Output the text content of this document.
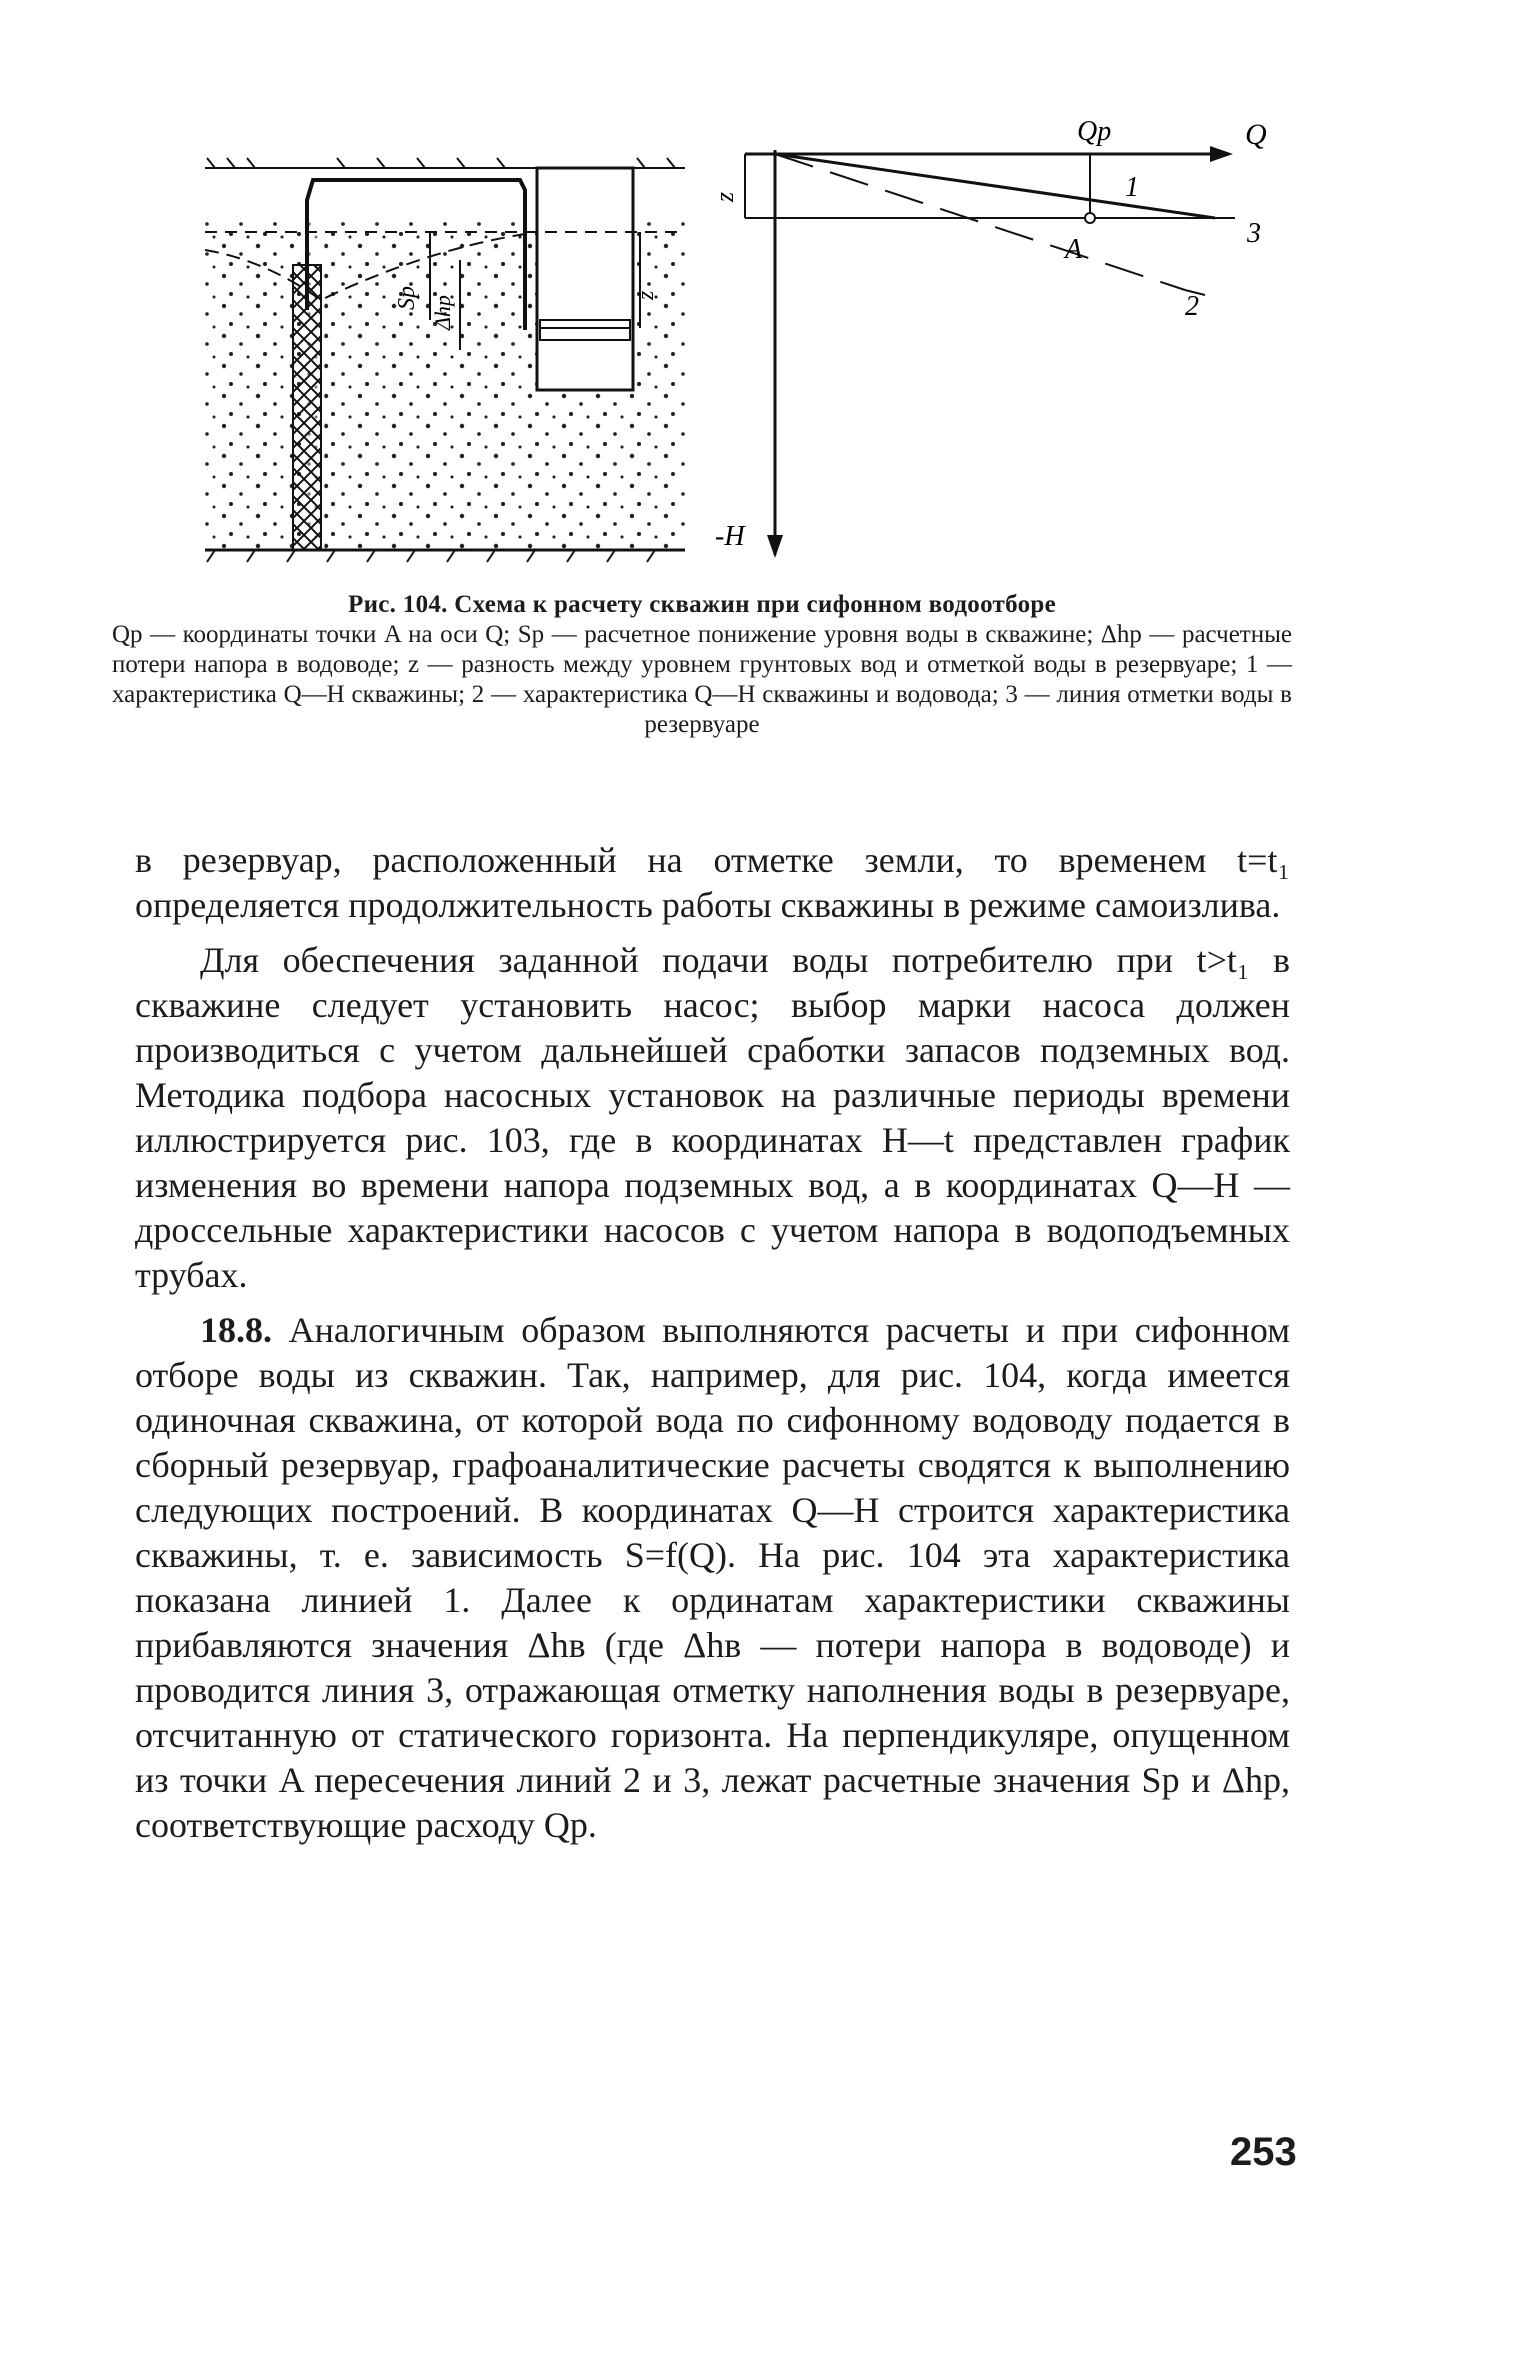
Sp Δhp	z
Qp	Q
z
A
1
2
3
-H
Рис. 104. Схема к расчету скважин при сифонном водоотборе
Qp — координаты точки A на оси Q; Sp — расчетное понижение уровня воды в скважине; Δhp — расчетные потери напора в водоводе; z — разность между уровнем грунтовых вод и отметкой воды в резервуаре; 1 — характеристика Q—H скважины; 2 — характеристика Q—H скважины и водовода; 3 — линия отметки воды в резервуаре

в резервуар, расположенный на отметке земли, то временем t=t₁ определяется продолжительность работы скважины в режиме самоизлива.

Для обеспечения заданной подачи воды потребителю при t>t₁ в скважине следует установить насос; выбор марки насоса должен производиться с учетом дальнейшей сработки запасов подземных вод. Методика подбора насосных установок на различные периоды времени иллюстрируется рис. 103, где в координатах H—t представлен график изменения во времени напора подземных вод, а в координатах Q—H — дроссельные характеристики насосов с учетом напора в водоподъемных трубах.

18.8. Аналогичным образом выполняются расчеты и при сифонном отборе воды из скважин. Так, например, для рис. 104, когда имеется одиночная скважина, от которой вода по сифонному водоводу подается в сборный резервуар, графоаналитические расчеты сводятся к выполнению следующих построений. В координатах Q—H строится характеристика скважины, т. е. зависимость S=f(Q). На рис. 104 эта характеристика показана линией 1. Далее к ординатам характеристики скважины прибавляются значения Δhв (где Δhв — потери напора в водоводе) и проводится линия 3, отражающая отметку наполнения воды в резервуаре, отсчитанную от статического горизонта. На перпендикуляре, опущенном из точки A пересечения линий 2 и 3, лежат расчетные значения Sр и Δhр, соответствующие расходу Qр.

253
